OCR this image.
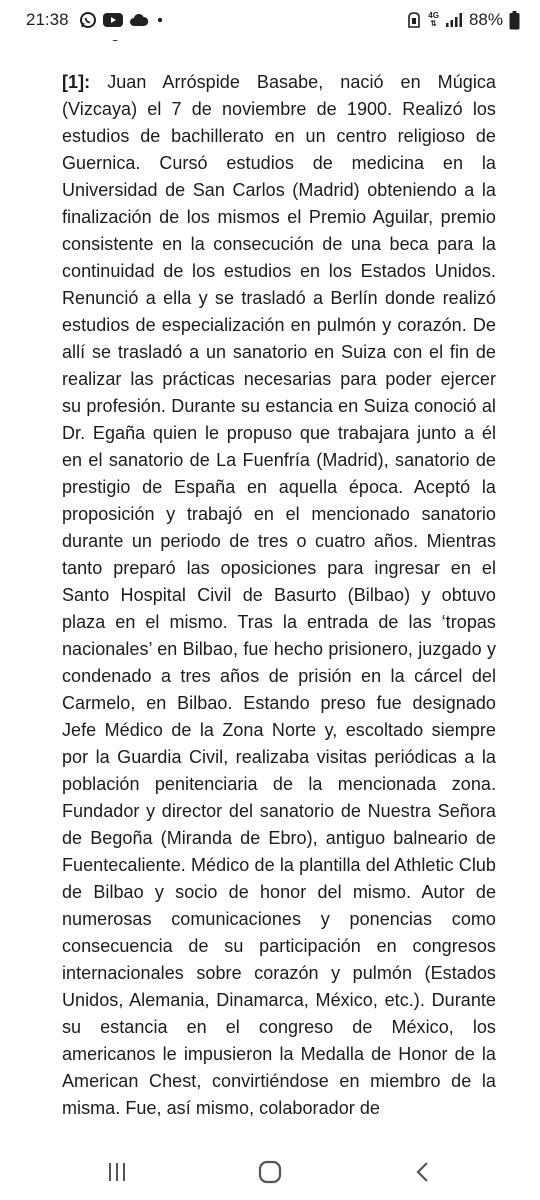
21:38	4G
⇅ 88%

[1]: Juan Arróspide Basabe, nació en Múgica (Vizcaya) el 7 de noviembre de 1900. Realizó los estudios de bachillerato en un centro religioso de Guernica. Cursó estudios de medicina en la Universidad de San Carlos (Madrid) obteniendo a la finalización de los mismos el Premio Aguilar, premio consistente en la consecución de una beca para la continuidad de los estudios en los Estados Unidos. Renunció a ella y se trasladó a Berlín donde realizó estudios de especialización en pulmón y corazón. De allí se trasladó a un sanatorio en Suiza con el fin de realizar las prácticas necesarias para poder ejercer su profesión. Durante su estancia en Suiza conoció al Dr. Egaña quien le propuso que trabajara junto a él en el sanatorio de La Fuenfría (Madrid), sanatorio de prestigio de España en aquella época. Aceptó la proposición y trabajó en el mencionado sanatorio durante un periodo de tres o cuatro años. Mientras tanto preparó las oposiciones para ingresar en el Santo Hospital Civil de Basurto (Bilbao) y obtuvo plaza en el mismo. Tras la entrada de las ‘tropas nacionales’ en Bilbao, fue hecho prisionero, juzgado y condenado a tres años de prisión en la cárcel del Carmelo, en Bilbao. Estando preso fue designado Jefe Médico de la Zona Norte y, escoltado siempre por la Guardia Civil, realizaba visitas periódicas a la población penitenciaria de la mencionada zona. Fundador y director del sanatorio de Nuestra Señora de Begoña (Miranda de Ebro), antiguo balneario de Fuentecaliente. Médico de la plantilla del Athletic Club de Bilbao y socio de honor del mismo. Autor de numerosas comunicaciones y ponencias como consecuencia de su participación en congresos internacionales sobre corazón y pulmón (Estados Unidos, Alemania, Dinamarca, México, etc.). Durante su estancia en el congreso de México, los americanos le impusieron la Medalla de Honor de la American Chest, convirtiéndose en miembro de la misma. Fue, así mismo, colaborador de
